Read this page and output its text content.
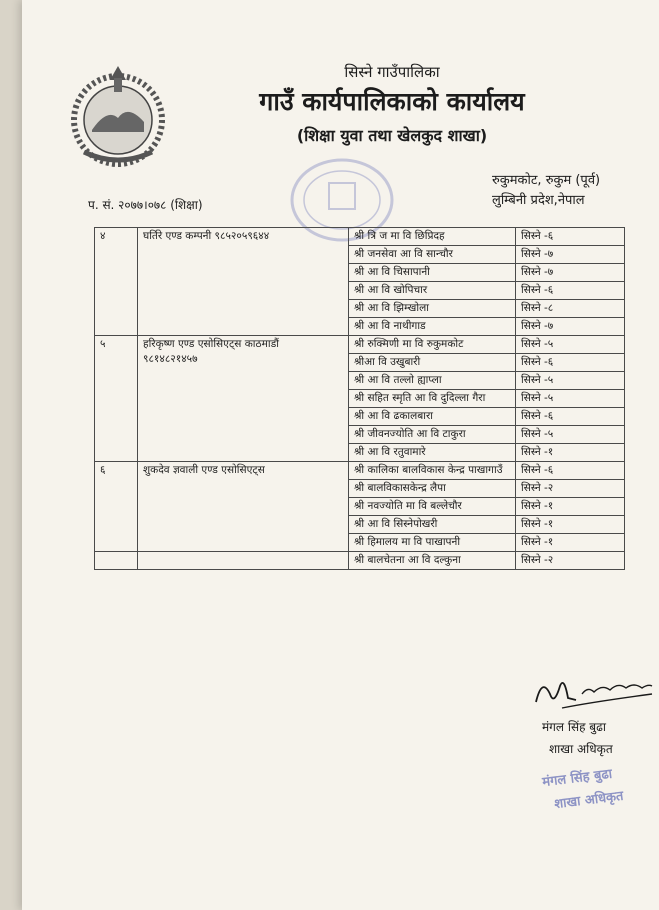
सिस्ने गाउँपालिका
गाउँ कार्यपालिकाको कार्यालय
(शिक्षा युवा तथा खेलकुद शाखा)
रुकुमकोट, रुकुम (पूर्व)
लुम्बिनी प्रदेश,नेपाल
प. सं. २०७७।०७८ (शिक्षा)
४	घर्तिरे एण्ड कम्पनी ९८५२०५९६४४	श्री त्रि ज मा वि छिप्रिदह	सिस्ने -६
		श्री जनसेवा आ वि सान्चौर	सिस्ने -७
		श्री आ वि चिसापानी	सिस्ने -७
		श्री आ वि खोपिचार	सिस्ने -६
		श्री आ वि झिम्खोला	सिस्ने -८
		श्री आ वि नाथीगाड	सिस्ने -७
५	हरिकृष्ण एण्ड एसोसिएट्स काठमाडौं
९८१४८२१४५७	श्री रुक्मिणी मा वि रुकुमकोट	सिस्ने -५
		श्रीआ वि उखुबारी	सिस्ने -६
		श्री आ वि तल्लो ह्याप्ला	सिस्ने -५
		श्री सहित स्मृति आ वि दुदिल्ला गैरा	सिस्ने -५
		श्री आ वि ढकालबारा	सिस्ने -६
		श्री जीवनज्योति आ वि टाकुरा	सिस्ने -५
		श्री आ वि रतुवामारे	सिस्ने -१
६	शुकदेव ज्ञवाली एण्ड एसोसिएट्स	श्री कालिका बालविकास केन्द्र पाखागाउँ	सिस्ने -६
		श्री बालविकासकेन्द्र लैपा	सिस्ने -२
		श्री नवज्योति मा वि बल्लेचौर	सिस्ने -१
		श्री आ वि सिस्नेपोखरी	सिस्ने -१
		श्री हिमालय मा वि पाखापनी	सिस्ने -१

	श्री बालचेतना आ वि दल्कुना	सिस्ने -२
मंगल सिंह बुढा
शाखा अधिकृत
मंगल सिंह बुढा
शाखा अधिकृत
